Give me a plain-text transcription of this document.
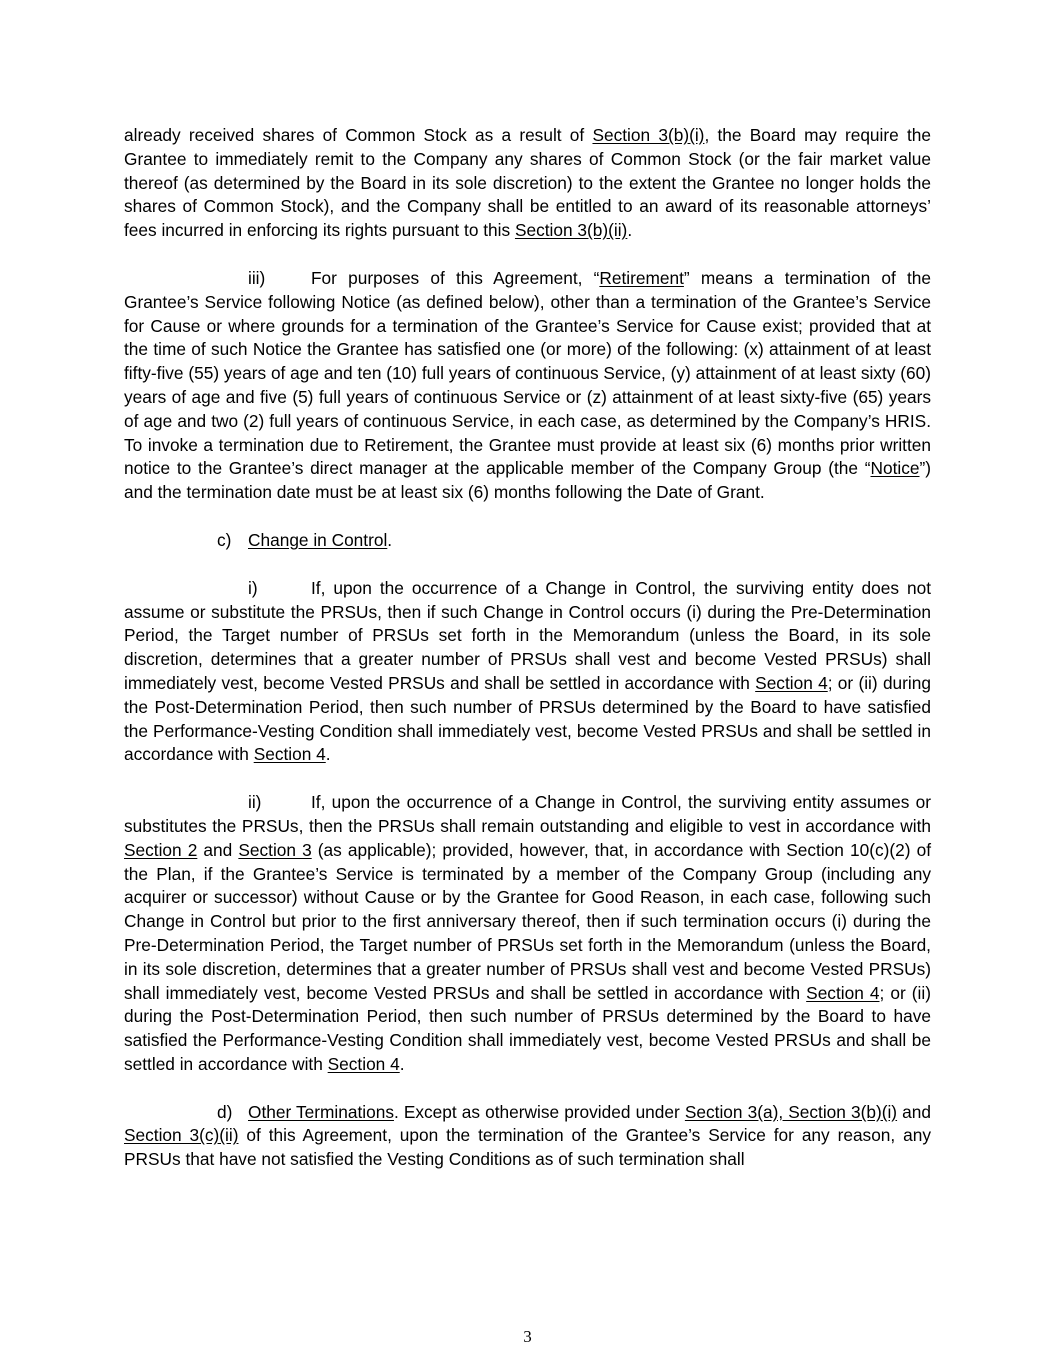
already received shares of Common Stock as a result of Section 3(b)(i), the Board may require the Grantee to immediately remit to the Company any shares of Common Stock (or the fair market value thereof (as determined by the Board in its sole discretion) to the extent the Grantee no longer holds the shares of Common Stock), and the Company shall be entitled to an award of its reasonable attorneys’ fees incurred in enforcing its rights pursuant to this Section 3(b)(ii).

iii)	For purposes of this Agreement, “Retirement” means a termination of the Grantee’s Service following Notice (as defined below), other than a termination of the Grantee’s Service for Cause or where grounds for a termination of the Grantee’s Service for Cause exist; provided that at the time of such Notice the Grantee has satisfied one (or more) of the following: (x) attainment of at least fifty-five (55) years of age and ten (10) full years of continuous Service, (y) attainment of at least sixty (60) years of age and five (5) full years of continuous Service or (z) attainment of at least sixty-five (65) years of age and two (2) full years of continuous Service, in each case, as determined by the Company’s HRIS. To invoke a termination due to Retirement, the Grantee must provide at least six (6) months prior written notice to the Grantee’s direct manager at the applicable member of the Company Group (the “Notice”) and the termination date must be at least six (6) months following the Date of Grant.

c) Change in Control.

i)	If, upon the occurrence of a Change in Control, the surviving entity does not assume or substitute the PRSUs, then if such Change in Control occurs (i) during the Pre-Determination Period, the Target number of PRSUs set forth in the Memorandum (unless the Board, in its sole discretion, determines that a greater number of PRSUs shall vest and become Vested PRSUs) shall immediately vest, become Vested PRSUs and shall be settled in accordance with Section 4; or (ii) during the Post-Determination Period, then such number of PRSUs determined by the Board to have satisfied the Performance-Vesting Condition shall immediately vest, become Vested PRSUs and shall be settled in accordance with Section 4.

ii)	If, upon the occurrence of a Change in Control, the surviving entity assumes or substitutes the PRSUs, then the PRSUs shall remain outstanding and eligible to vest in accordance with Section 2 and Section 3 (as applicable); provided, however, that, in accordance with Section 10(c)(2) of the Plan, if the Grantee’s Service is terminated by a member of the Company Group (including any acquirer or successor) without Cause or by the Grantee for Good Reason, in each case, following such Change in Control but prior to the first anniversary thereof, then if such termination occurs (i) during the Pre-Determination Period, the Target number of PRSUs set forth in the Memorandum (unless the Board, in its sole discretion, determines that a greater number of PRSUs shall vest and become Vested PRSUs) shall immediately vest, become Vested PRSUs and shall be settled in accordance with Section 4; or (ii) during the Post-Determination Period, then such number of PRSUs determined by the Board to have satisfied the Performance-Vesting Condition shall immediately vest, become Vested PRSUs and shall be settled in accordance with Section 4.

d) Other Terminations. Except as otherwise provided under Section 3(a), Section 3(b)(i) and Section 3(c)(ii) of this Agreement, upon the termination of the Grantee’s Service for any reason, any PRSUs that have not satisfied the Vesting Conditions as of such termination shall

3
